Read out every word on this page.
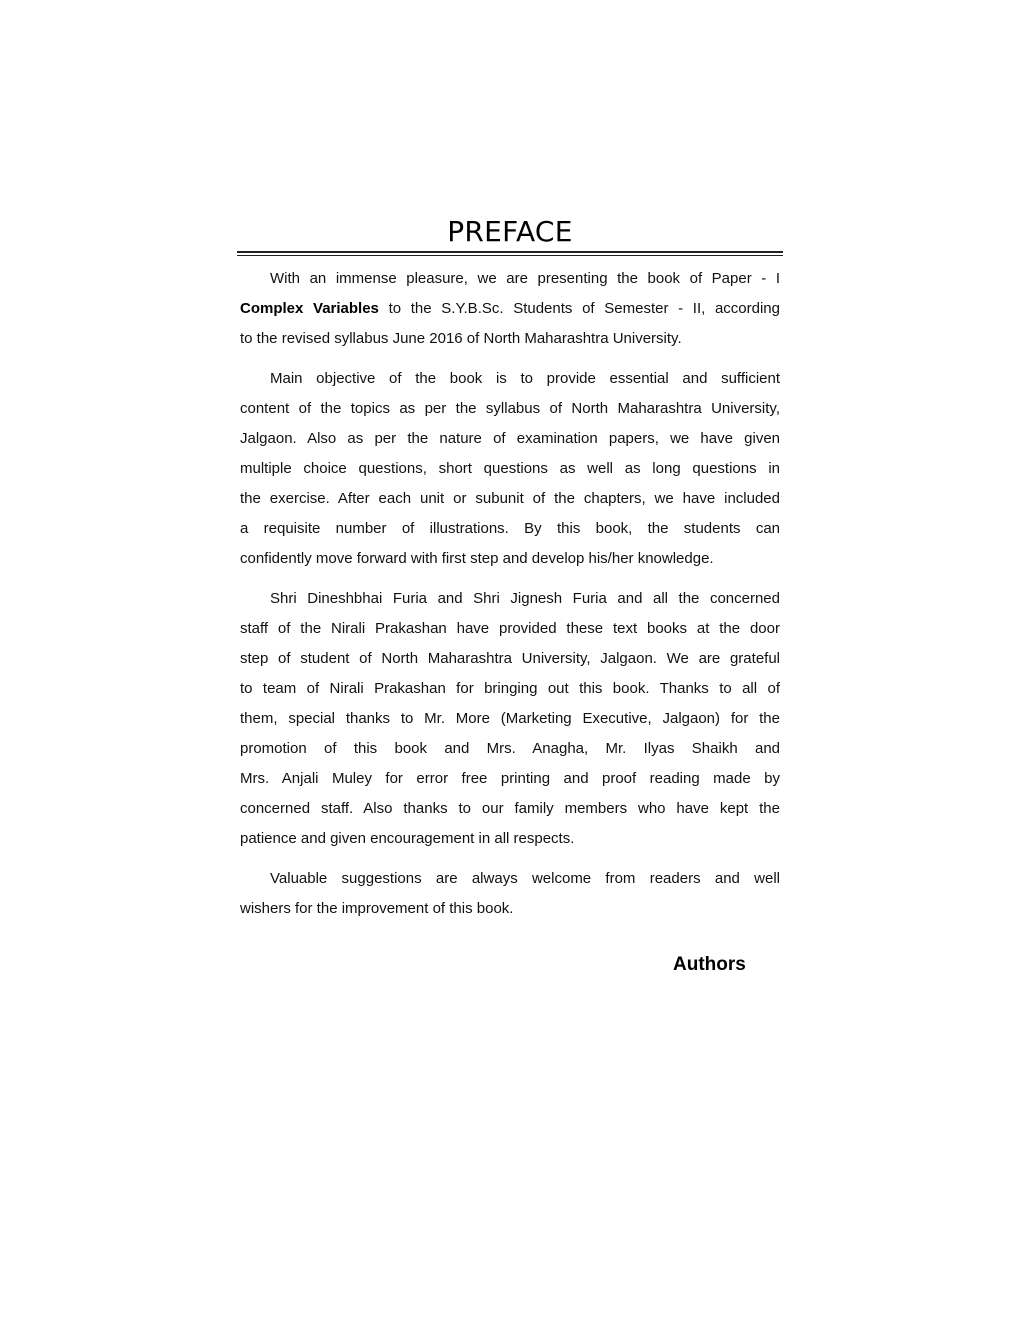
PREFACE
With an immense pleasure, we are presenting the book of Paper - I
Complex Variables to the S.Y.B.Sc. Students of Semester - II, according
to the revised syllabus June 2016 of North Maharashtra University.
Main objective of the book is to provide essential and sufficient
content of the topics as per the syllabus of North Maharashtra University,
Jalgaon. Also as per the nature of examination papers, we have given
multiple choice questions, short questions as well as long questions in
the exercise. After each unit or subunit of the chapters, we have included
a requisite number of illustrations. By this book, the students can
confidently move forward with first step and develop his/her knowledge.
Shri Dineshbhai Furia and Shri Jignesh Furia and all the concerned
staff of the Nirali Prakashan have provided these text books at the door
step of student of North Maharashtra University, Jalgaon. We are grateful
to team of Nirali Prakashan for bringing out this book. Thanks to all of
them, special thanks to Mr. More (Marketing Executive, Jalgaon) for the
promotion of this book and Mrs. Anagha, Mr. Ilyas Shaikh and
Mrs. Anjali Muley for error free printing and proof reading made by
concerned staff. Also thanks to our family members who have kept the
patience and given encouragement in all respects.
Valuable suggestions are always welcome from readers and well
wishers for the improvement of this book.
Authors
